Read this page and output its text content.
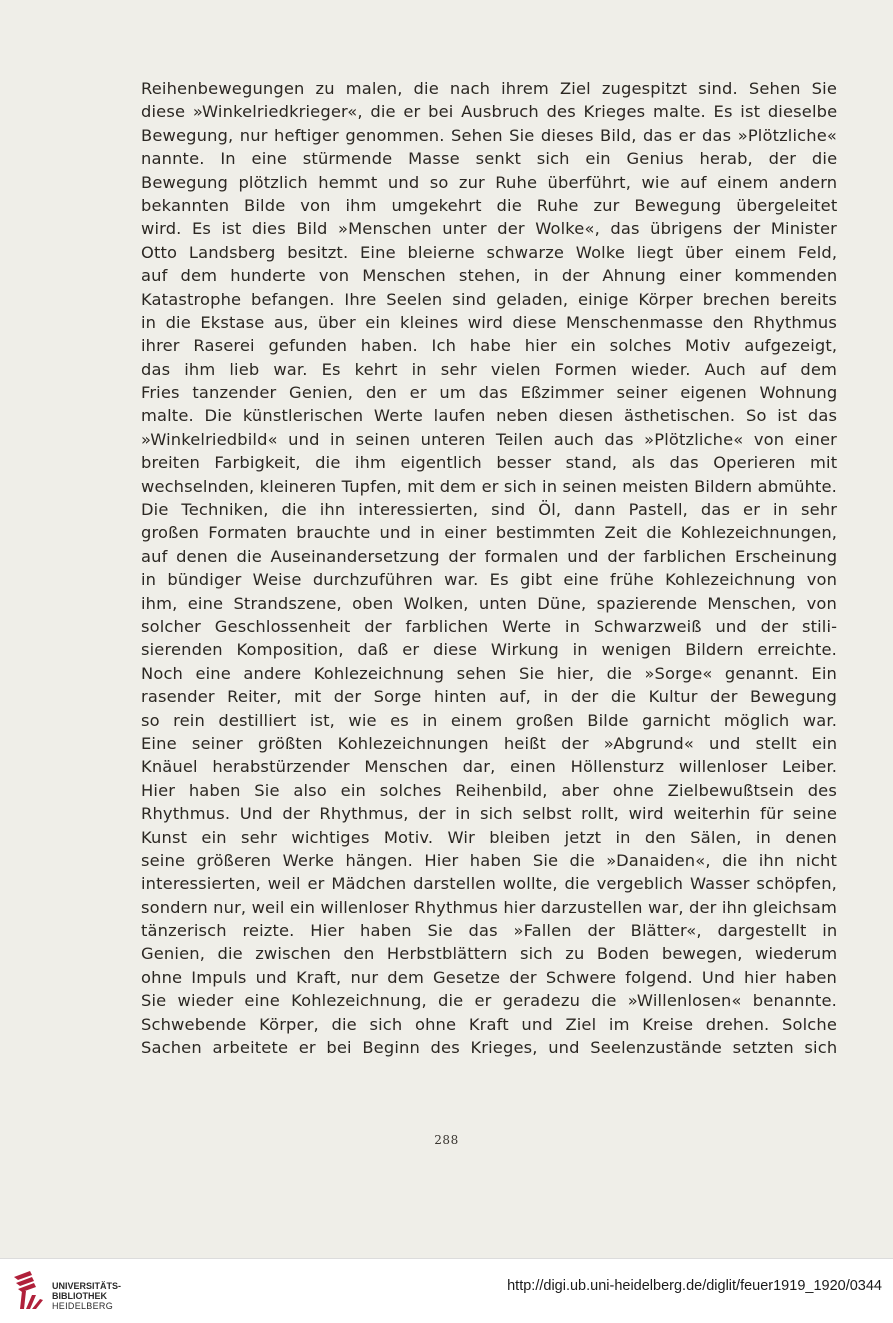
Reihenbewegungen zu malen, die nach ihrem Ziel zugespitzt sind. Sehen Sie
diese »Winkelriedkrieger«, die er bei Ausbruch des Krieges malte. Es ist dieselbe
Bewegung, nur heftiger genommen. Sehen Sie dieses Bild, das er das »Plötzliche«
nannte. In eine stürmende Masse senkt sich ein Genius herab, der die
Bewegung plötzlich hemmt und so zur Ruhe überführt, wie auf einem andern
bekannten Bilde von ihm umgekehrt die Ruhe zur Bewegung übergeleitet
wird. Es ist dies Bild »Menschen unter der Wolke«, das übrigens der Minister
Otto Landsberg besitzt. Eine bleierne schwarze Wolke liegt über einem Feld,
auf dem hunderte von Menschen stehen, in der Ahnung einer kommenden
Katastrophe befangen. Ihre Seelen sind geladen, einige Körper brechen bereits
in die Ekstase aus, über ein kleines wird diese Menschenmasse den Rhythmus
ihrer Raserei gefunden haben. Ich habe hier ein solches Motiv aufgezeigt,
das ihm lieb war. Es kehrt in sehr vielen Formen wieder. Auch auf dem
Fries tanzender Genien, den er um das Eßzimmer seiner eigenen Wohnung
malte. Die künstlerischen Werte laufen neben diesen ästhetischen. So ist das
»Winkelriedbild« und in seinen unteren Teilen auch das »Plötzliche« von einer
breiten Farbigkeit, die ihm eigentlich besser stand, als das Operieren mit
wechselnden, kleineren Tupfen, mit dem er sich in seinen meisten Bildern abmühte.
Die Techniken, die ihn interessierten, sind Öl, dann Pastell, das er in sehr
großen Formaten brauchte und in einer bestimmten Zeit die Kohlezeichnungen,
auf denen die Auseinandersetzung der formalen und der farblichen Erscheinung
in bündiger Weise durchzuführen war. Es gibt eine frühe Kohlezeichnung von
ihm, eine Strandszene, oben Wolken, unten Düne, spazierende Menschen, von
solcher Geschlossenheit der farblichen Werte in Schwarzweiß und der stili-
sierenden Komposition, daß er diese Wirkung in wenigen Bildern erreichte.
Noch eine andere Kohlezeichnung sehen Sie hier, die »Sorge« genannt. Ein
rasender Reiter, mit der Sorge hinten auf, in der die Kultur der Bewegung
so rein destilliert ist, wie es in einem großen Bilde garnicht möglich war.
Eine seiner größten Kohlezeichnungen heißt der »Abgrund« und stellt ein
Knäuel herabstürzender Menschen dar, einen Höllensturz willenloser Leiber.
Hier haben Sie also ein solches Reihenbild, aber ohne Zielbewußtsein des
Rhythmus. Und der Rhythmus, der in sich selbst rollt, wird weiterhin für seine
Kunst ein sehr wichtiges Motiv. Wir bleiben jetzt in den Sälen, in denen
seine größeren Werke hängen. Hier haben Sie die »Danaiden«, die ihn nicht
interessierten, weil er Mädchen darstellen wollte, die vergeblich Wasser schöpfen,
sondern nur, weil ein willenloser Rhythmus hier darzustellen war, der ihn gleichsam
tänzerisch reizte. Hier haben Sie das »Fallen der Blätter«, dargestellt in
Genien, die zwischen den Herbstblättern sich zu Boden bewegen, wiederum
ohne Impuls und Kraft, nur dem Gesetze der Schwere folgend. Und hier haben
Sie wieder eine Kohlezeichnung, die er geradezu die »Willenlosen« benannte.
Schwebende Körper, die sich ohne Kraft und Ziel im Kreise drehen. Solche
Sachen arbeitete er bei Beginn des Krieges, und Seelenzustände setzten sich
288
UNIVERSITÄTS-
BIBLIOTHEK
HEIDELBERG
http://digi.ub.uni-heidelberg.de/diglit/feuer1919_1920/0344
